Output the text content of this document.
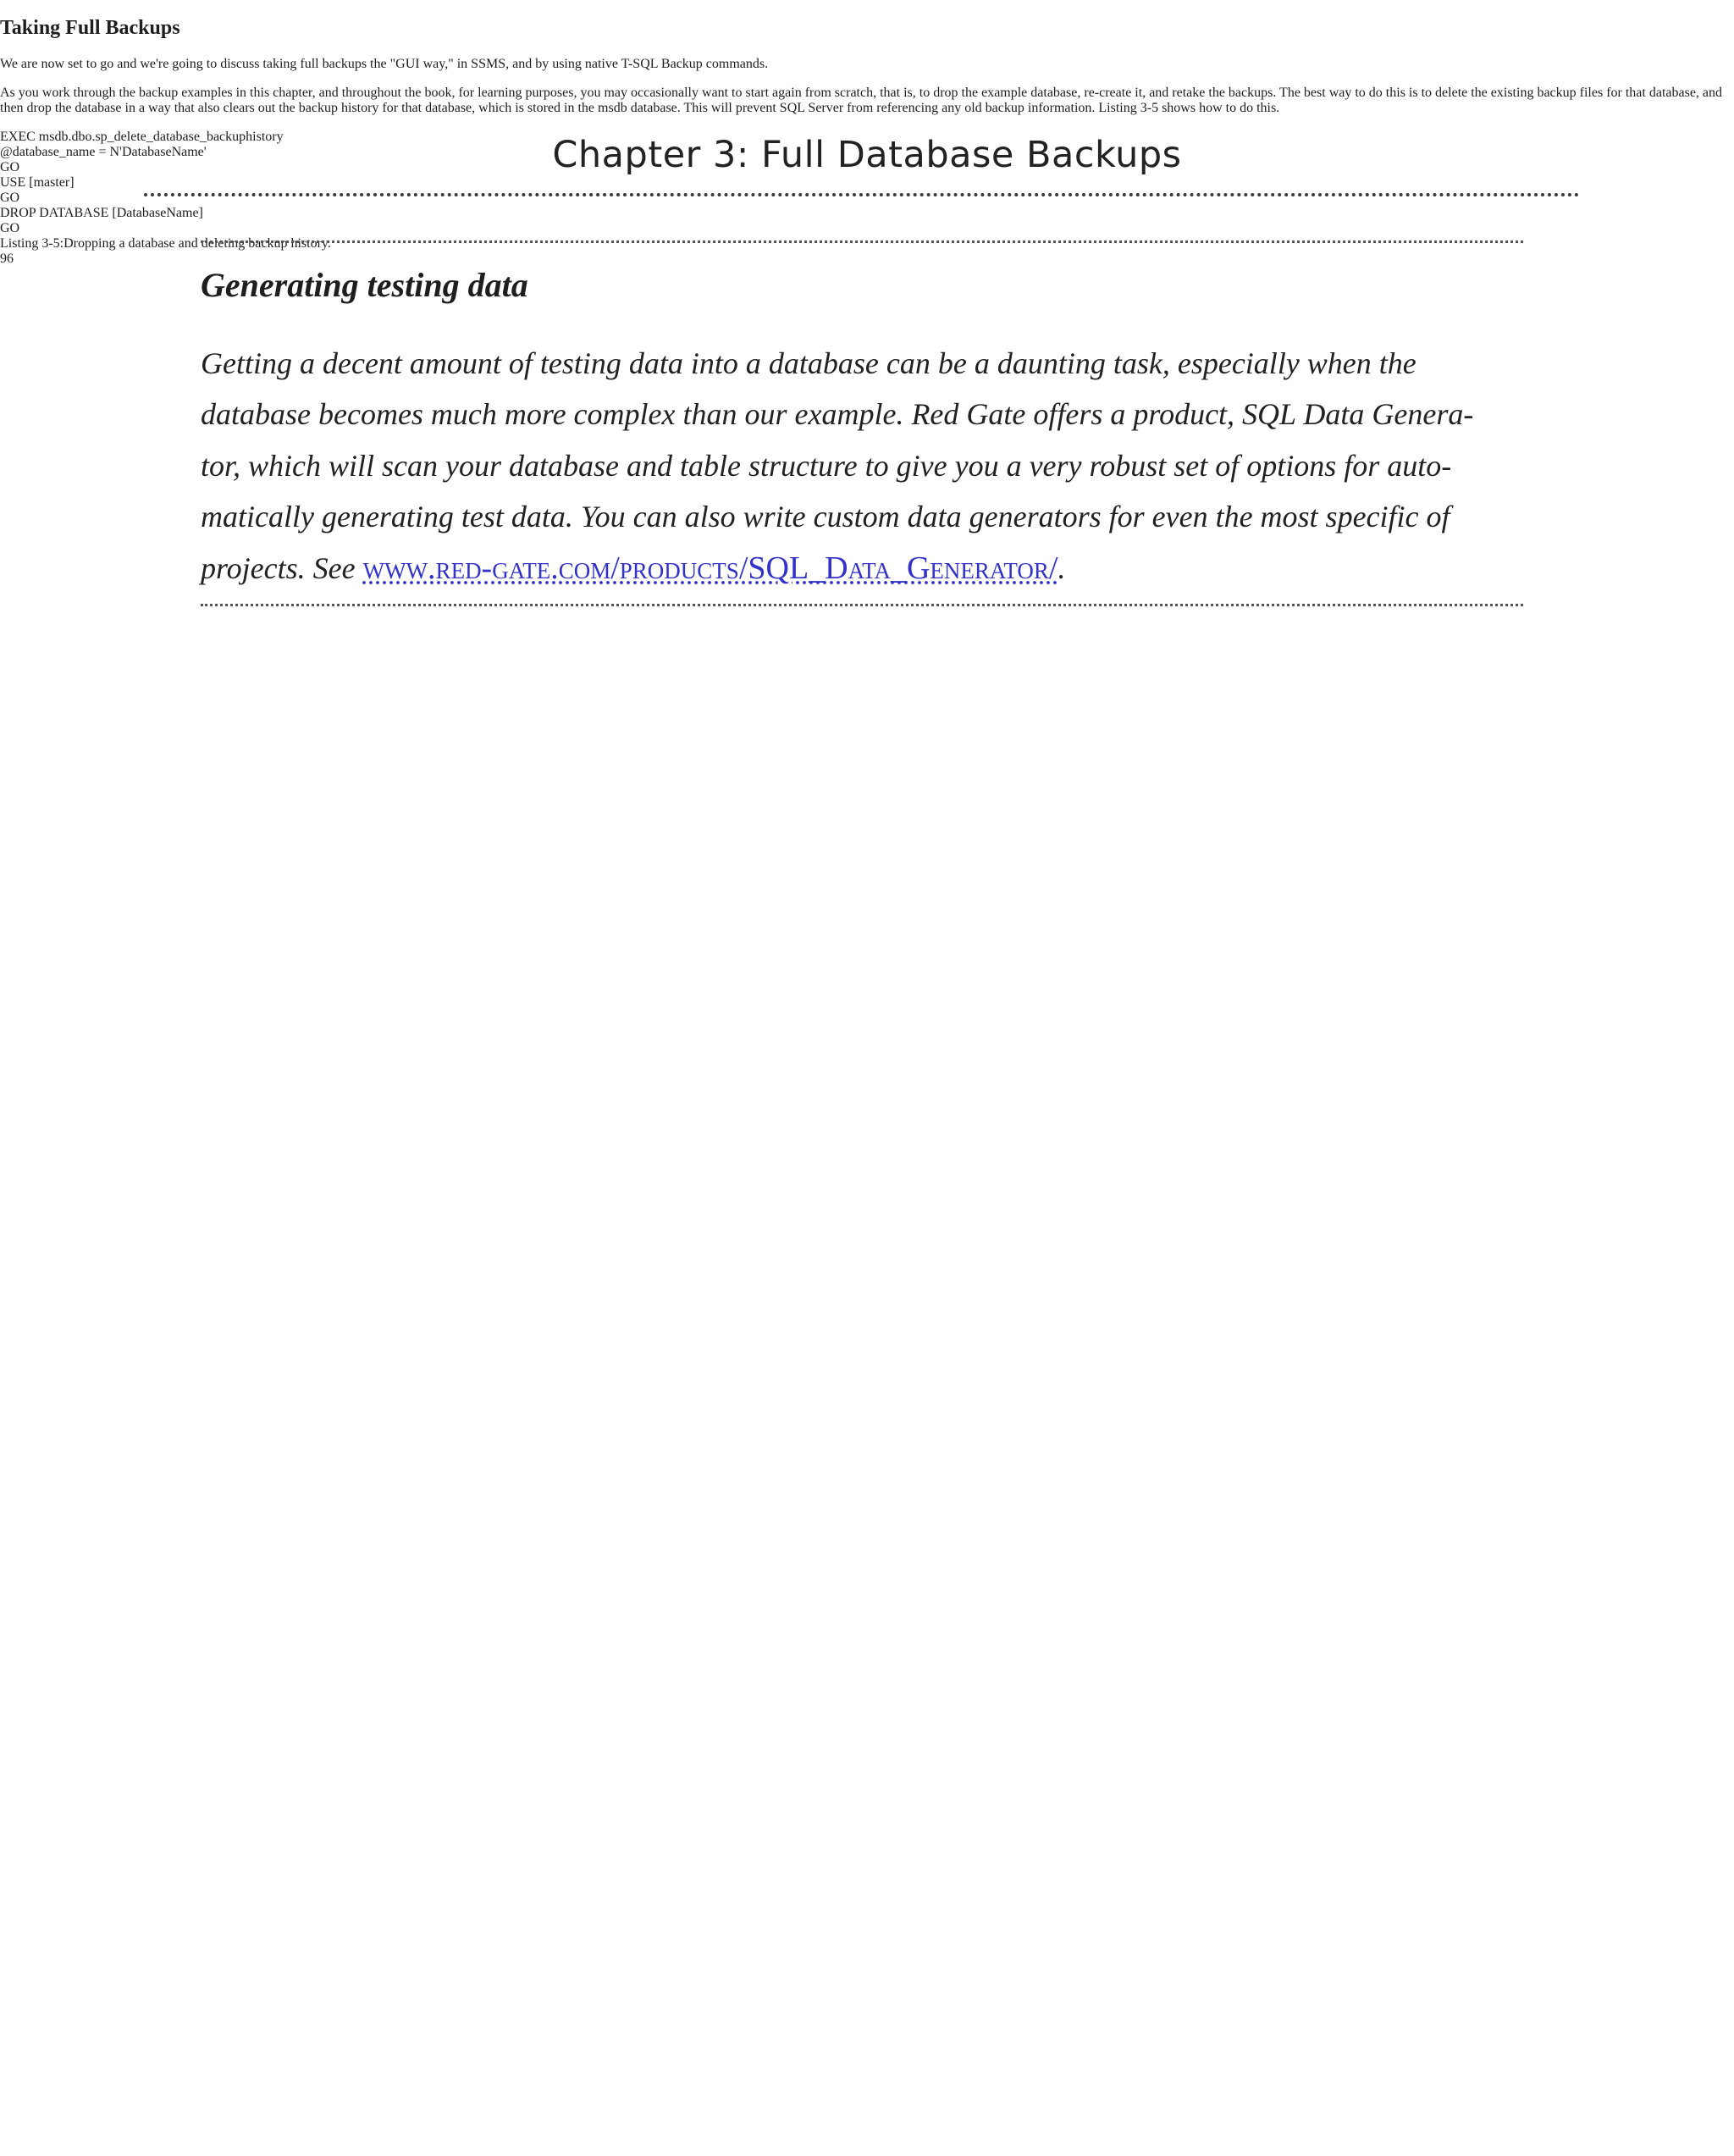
Chapter 3: Full Database Backups
Generating testing data
Getting a decent amount of testing data into a database can be a daunting task, especially when the
database becomes much more complex than our example. Red Gate offers a product, SQL Data Genera-
tor, which will scan your database and table structure to give you a very robust set of options for auto-
matically generating test data. You can also write custom data generators for even the most specific of
projects. See www.red-gate.com/products/SQL_Data_Generator/.
Taking Full Backups

We are now set to go and we're going to discuss taking full backups the "GUI way," in SSMS, and by using native T-SQL Backup commands.

As you work through the backup examples in this chapter, and throughout the book, for learning purposes, you may occasionally want to start again from scratch, that is, to drop the example database, re-create it, and retake the backups. The best way to do this is to delete the existing backup files for that database, and then drop the database in a way that also clears out the backup history for that database, which is stored in the msdb database. This will prevent SQL Server from referencing any old backup information. Listing 3-5 shows how to do this.

EXEC msdb.dbo.sp_delete_database_backuphistory
@database_name = N'DatabaseName'
GO
USE [master]
GO
DROP DATABASE [DatabaseName]
GO
Listing 3-5:Dropping a database and deleting backup history.
96
